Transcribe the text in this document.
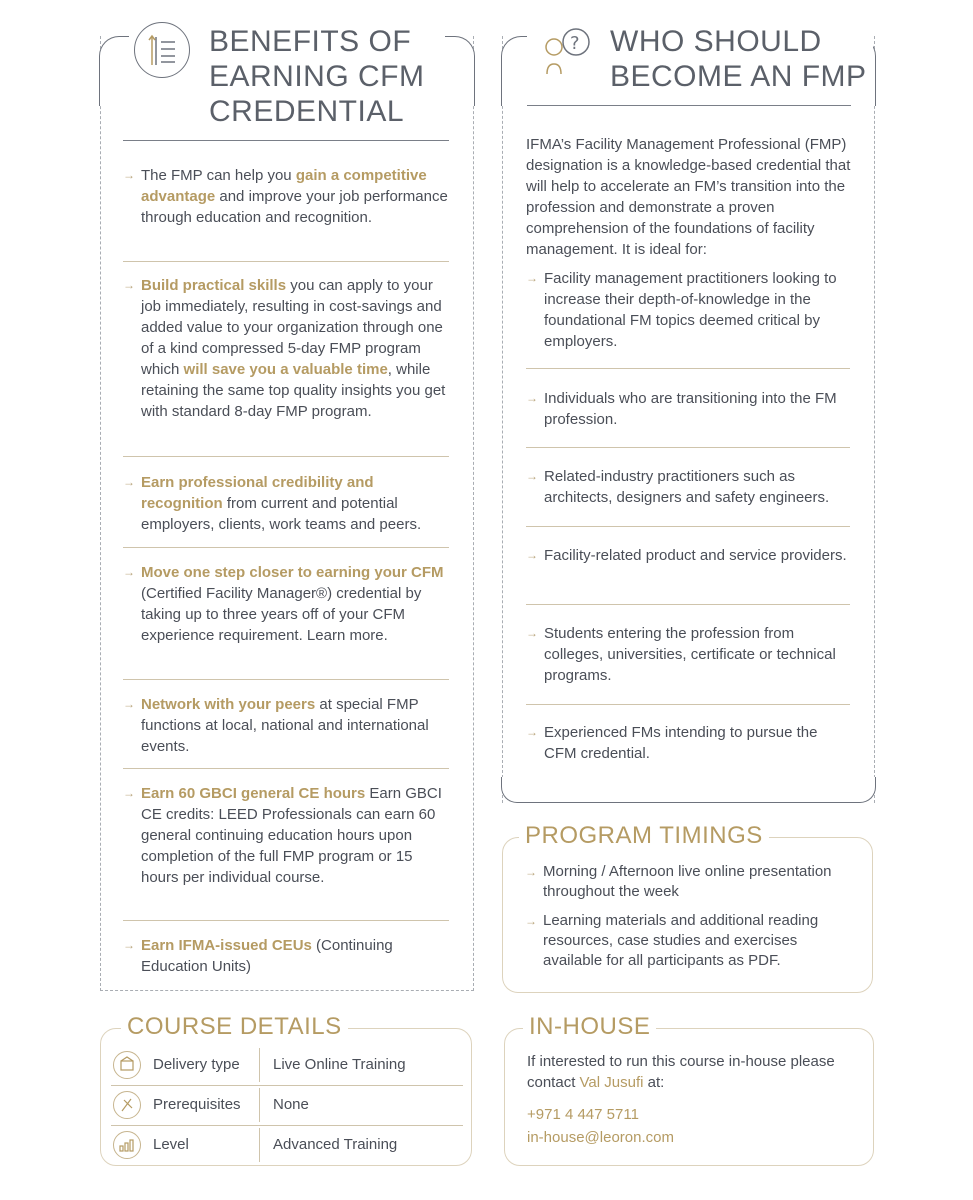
BENEFITS OF
EARNING CFM
CREDENTIAL
→ The FMP can help you gain a competitive advantage and improve your job performance through education and recognition.
→ Build practical skills you can apply to your job immediately, resulting in cost-savings and added value to your organization through one of a kind compressed 5-day FMP program which will save you a valuable time, while retaining the same top quality insights you get with standard 8-day FMP program.
→ Earn professional credibility and recognition from current and potential employers, clients, work teams and peers.
→ Move one step closer to earning your CFM (Certified Facility Manager®) credential by taking up to three years off of your CFM experience requirement. Learn more.
→ Network with your peers at special FMP functions at local, national and international events.
→ Earn 60 GBCI general CE hours Earn GBCI CE credits: LEED Professionals can earn 60 general continuing education hours upon completion of the full FMP program or 15 hours per individual course.
→ Earn IFMA-issued CEUs (Continuing Education Units)
WHO SHOULD
BECOME AN FMP
?
IFMA’s Facility Management Professional (FMP) designation is a knowledge-based credential that will help to accelerate an FM’s transition into the profession and demonstrate a proven comprehension of the foundations of facility management. It is ideal for:
→ Facility management practitioners looking to increase their depth-of-knowledge in the foundational FM topics deemed critical by employers.
→ Individuals who are transitioning into the FM profession.
→ Related-industry practitioners such as architects, designers and safety engineers.
→ Facility-related product and service providers.
→ Students entering the profession from colleges, universities, certificate or technical programs.
→ Experienced FMs intending to pursue the CFM credential.
PROGRAM TIMINGS
→ Morning / Afternoon live online presentation throughout the week
→ Learning materials and additional reading resources, case studies and exercises available for all participants as PDF.
COURSE DETAILS
Delivery type Live Online Training
Prerequisites None
Level	Advanced Training
IN-HOUSE
If interested to run this course in-house please contact Val Jusufi at:
+971 4 447 5711
in-house@leoron.com
